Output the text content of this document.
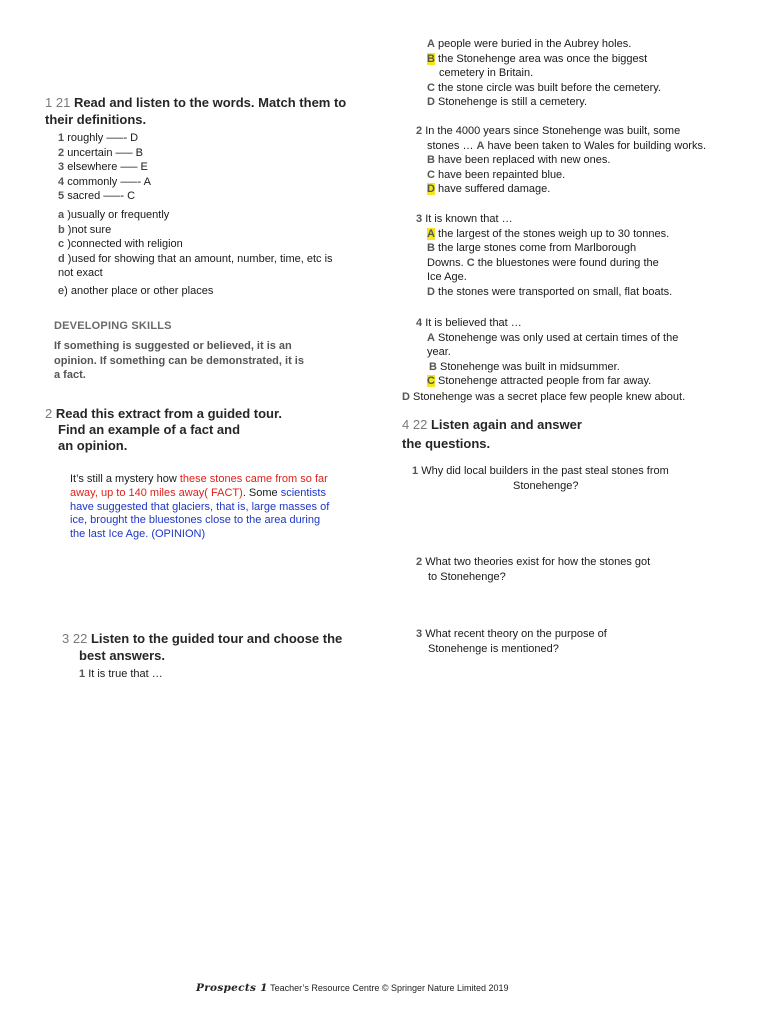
1 21 Read and listen to the words. Match them to
their definitions.
1 roughly –—- D
2 uncertain –— B
3 elsewhere –— E
4 commonly –—- A
5 sacred –—- C
a )usually or frequently
b )not sure
c )connected with religion
d )used for showing that an amount, number, time, etc is
not exact
e) another place or other places
DEVELOPING SKILLS
If something is suggested or believed, it is an
opinion. If something can be demonstrated, it is
a fact.
2 Read this extract from a guided tour.
Find an example of a fact and
an opinion.
It’s still a mystery how these stones came from so far
away, up to 140 miles away( FACT). Some scientists
have suggested that glaciers, that is, large masses of
ice, brought the bluestones close to the area during
the last Ice Age. (OPINION)
3 22 Listen to the guided tour and choose the
best answers.
1 It is true that …
A people were buried in the Aubrey holes.
B the Stonehenge area was once the biggest
cemetery in Britain.
C the stone circle was built before the cemetery.
D Stonehenge is still a cemetery.
2 In the 4000 years since Stonehenge was built, some
stones … A have been taken to Wales for building works.
B have been replaced with new ones.
C have been repainted blue.
D have suffered damage.
3 It is known that …
A the largest of the stones weigh up to 30 tonnes.
B the large stones come from Marlborough
Downs. C the bluestones were found during the
Ice Age.
D the stones were transported on small, flat boats.
4 It is believed that …
A Stonehenge was only used at certain times of the
year.
B Stonehenge was built in midsummer.
C Stonehenge attracted people from far away.
D Stonehenge was a secret place few people knew about.
4 22 Listen again and answer
the questions.
1 Why did local builders in the past steal stones from
Stonehenge?
2 What two theories exist for how the stones got
to Stonehenge?
3 What recent theory on the purpose of
Stonehenge is mentioned?
Prospects 1 Teacher’s Resource Centre © Springer Nature Limited 2019
